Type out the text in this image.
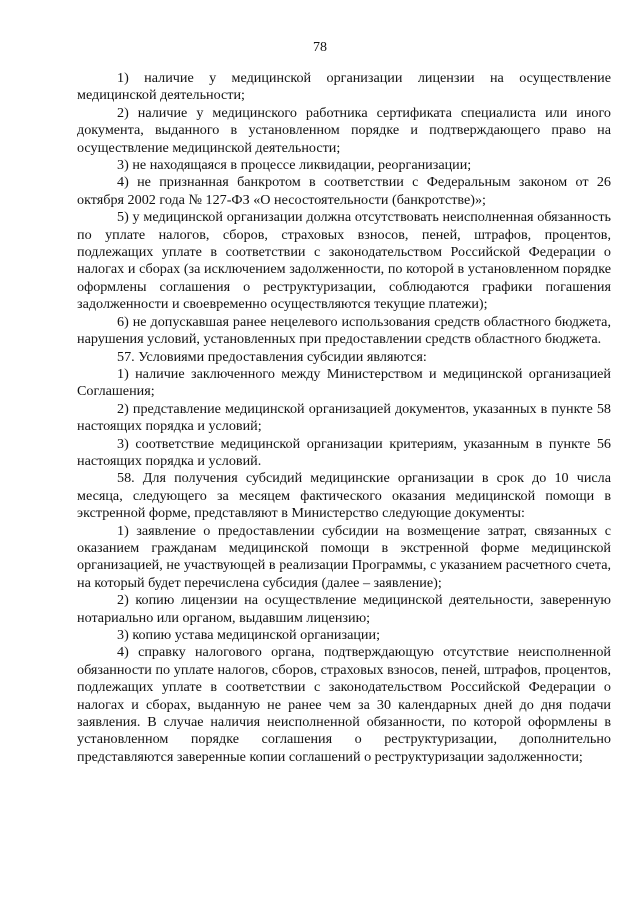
78

1) наличие у медицинской организации лицензии на осуществление медицинской деятельности;

2) наличие у медицинского работника сертификата специалиста или иного документа, выданного в установленном порядке и подтверждающего право на осуществление медицинской деятельности;

3) не находящаяся в процессе ликвидации, реорганизации;

4) не признанная банкротом в соответствии с Федеральным законом от 26 октября 2002 года № 127-ФЗ «О несостоятельности (банкротстве)»;

5) у медицинской организации должна отсутствовать неисполненная обязанность по уплате налогов, сборов, страховых взносов, пеней, штрафов, процентов, подлежащих уплате в соответствии с законодательством Российской Федерации о налогах и сборах (за исключением задолженности, по которой в установленном порядке оформлены соглашения о реструктуризации, соблюдаются графики погашения задолженности и своевременно осуществляются текущие платежи);

6) не допускавшая ранее нецелевого использования средств областного бюджета, нарушения условий, установленных при предоставлении средств областного бюджета.

57. Условиями предоставления субсидии являются:

1) наличие заключенного между Министерством и медицинской организацией Соглашения;

2) представление медицинской организацией документов, указанных в пункте 58 настоящих порядка и условий;

3) соответствие медицинской организации критериям, указанным в пункте 56 настоящих порядка и условий.

58. Для получения субсидий медицинские организации в срок до 10 числа месяца, следующего за месяцем фактического оказания медицинской помощи в экстренной форме, представляют в Министерство следующие документы:

1) заявление о предоставлении субсидии на возмещение затрат, связанных с оказанием гражданам медицинской помощи в экстренной форме медицинской организацией, не участвующей в реализации Программы, с указанием расчетного счета, на который будет перечислена субсидия (далее – заявление);

2) копию лицензии на осуществление медицинской деятельности, заверенную нотариально или органом, выдавшим лицензию;

3) копию устава медицинской организации;

4) справку налогового органа, подтверждающую отсутствие неисполненной обязанности по уплате налогов, сборов, страховых взносов, пеней, штрафов, процентов, подлежащих уплате в соответствии с законодательством Российской Федерации о налогах и сборах, выданную не ранее чем за 30 календарных дней до дня подачи заявления. В случае наличия неисполненной обязанности, по которой оформлены в установленном порядке соглашения о реструктуризации, дополнительно представляются заверенные копии соглашений о реструктуризации задолженности;
